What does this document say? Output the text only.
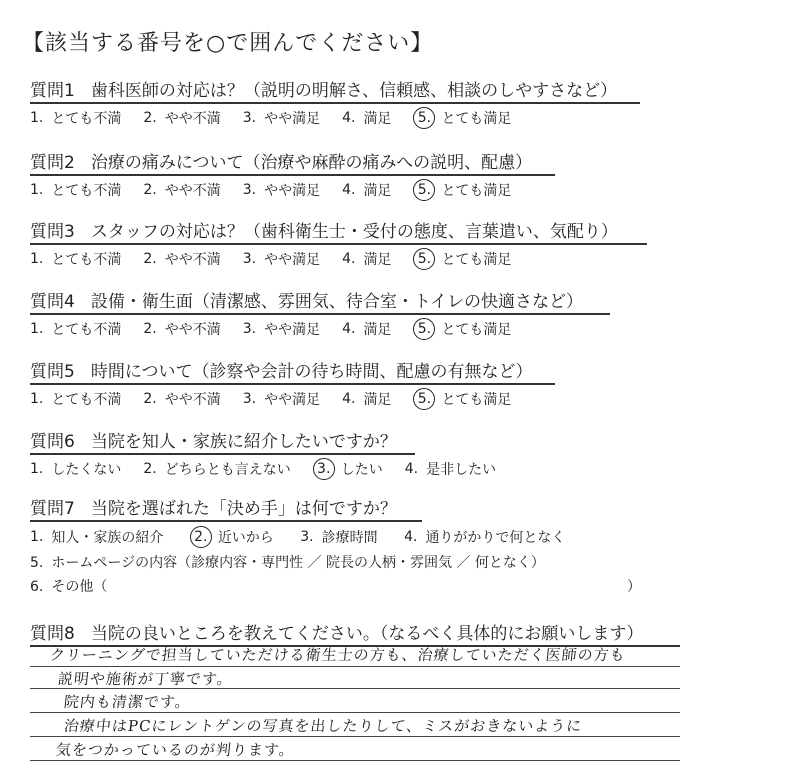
【該当する番号を○で囲んでください】
質問1 歯科医師の対応は？（説明の明解さ、信頼感、相談のしやすさなど）
1. とても不満 2. やや不満 3. やや満足 4. 満足	5. とても満足
質問2 治療の痛みについて（治療や麻酔の痛みへの説明、配慮）
1. とても不満 2. やや不満 3. やや満足 4. 満足	5. とても満足
質問3 スタッフの対応は？（歯科衛生士・受付の態度、言葉遣い、気配り）
1. とても不満 2. やや不満 3. やや満足 4. 満足	5. とても満足
質問4 設備・衛生面（清潔感、雰囲気、待合室・トイレの快適さなど）
1. とても不満 2. やや不満 3. やや満足 4. 満足	5. とても満足
質問5 時間について（診察や会計の待ち時間、配慮の有無など）
1. とても不満 2. やや不満 3. やや満足 4. 満足	5. とても満足
質問6 当院を知人・家族に紹介したいですか？
1. したくない 2. どちらとも言えない	3. したい 4. 是非したい
質問7 当院を選ばれた「決め手」は何ですか？
1. 知人・家族の紹介
	2. 近いから
3. 診療時間
4. 通りがかりで何となく
5. ホームページの内容（診療内容・専門性 ／ 院長の人柄・雰囲気 ／ 何となく）
6. その他（	）
質問8 当院の良いところを教えてください。（なるべく具体的にお願いします）
クリーニングで担当していただける衛生士の方も、治療していただく医師の方も
説明や施術が丁寧です。
院内も清潔です。
治療中はPCにレントゲンの写真を出したりして、ミスがおきないように
気をつかっているのが判ります。
